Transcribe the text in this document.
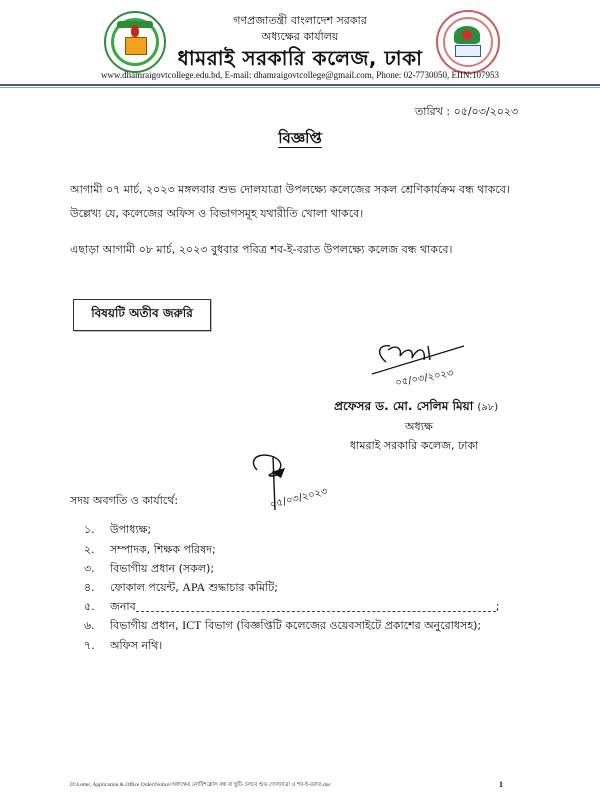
গণপ্রজাতন্ত্রী বাংলাদেশ সরকার
অধ্যক্ষের কার্যালয়
ধামরাই সরকারি কলেজ, ঢাকা
www.dhamraigovtcollege.edu.bd, E-mail: dhamraigovtcollege@gmail.com, Phone: 02-7730050, EIIN:107953
তারিখ : ০৫/০৩/২০২৩
বিজ্ঞপ্তি
আগামী ০৭ মার্চ, ২০২৩ মঙ্গলবার শুভ দোলযাত্রা উপলক্ষ্যে কলেজের সকল শ্রেণিকার্যক্রম বন্ধ থাকবে।
উল্লেখ্য যে, কলেজের অফিস ও বিভাগসমূহ যথারীতি খোলা থাকবে।
এছাড়া আগামী ০৮ মার্চ, ২০২৩ বুধবার পবিত্র শব-ই-বরাত উপলক্ষ্যে কলেজ বন্ধ থাকবে।
বিষয়টি অতীব জরুরি
০৫/০৩/২০২৩
প্রফেসর ড. মো. সেলিম মিয়া (৯৮)
অধ্যক্ষ
ধামরাই সরকারি কলেজ, ঢাকা
০৫/০৩/২০২৩
সদয় অবগতি ও কার্যার্থে:
১. উপাধ্যক্ষ;
২. সম্পাদক, শিক্ষক পরিষদ;
৩. বিভাগীয় প্রধান (সকল);
৪. ফোকাল পয়েন্ট, APA শুদ্ধাচার কমিটি;
৫. জনাব	;
৬. বিভাগীয় প্রধান, ICT বিভাগ (বিজ্ঞপ্তিটি কলেজের ওয়েবসাইটে প্রকাশের অনুরোধসহ);
৭. অফিস নথি।
D:\Letter, Application & Office Order\Notice\অধ্যক্ষের নোটিশ\ক্লাস বন্ধ বা ছুটি- চলবে শুভ দোলযাত্রা ও শব-ই-বরাত.doc	1
